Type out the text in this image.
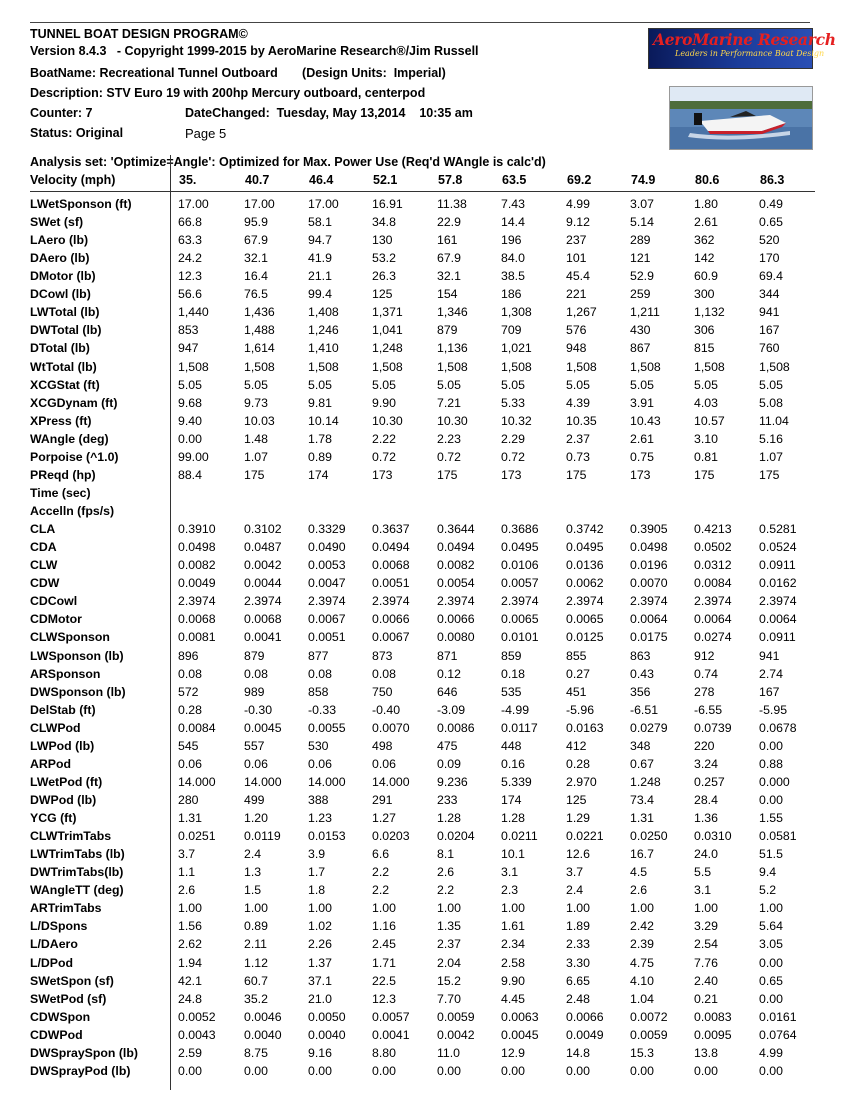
TUNNEL BOAT DESIGN PROGRAM©
Version 8.4.3   - Copyright 1999-2015 by AeroMarine Research®/Jim Russell
BoatName: Recreational Tunnel Outboard       (Design Units:  Imperial)
Description: STV Euro 19 with 200hp Mercury outboard, centerpod
Counter: 7	DateChanged:  Tuesday, May 13,2014    10:35 am
Status: Original	Page 5
AeroMarine Research
Leaders in Performance Boat Design
Analysis set: 'Optimize=Angle': Optimized for Max. Power Use (Req'd WAngle is calc'd)
Velocity (mph)	35.	40.7	46.4	52.1	57.8	63.5	69.2	74.9	80.6	86.3
LWetSponson (ft)	17.00	17.00	17.00	16.91	11.38	7.43	4.99	3.07	1.80	0.49
SWet (sf)	66.8	95.9	58.1	34.8	22.9	14.4	9.12	5.14	2.61	0.65
LAero (lb)	63.3	67.9	94.7	130	161	196	237	289	362	520
DAero (lb)	24.2	32.1	41.9	53.2	67.9	84.0	101	121	142	170
DMotor (lb)	12.3	16.4	21.1	26.3	32.1	38.5	45.4	52.9	60.9	69.4
DCowl (lb)	56.6	76.5	99.4	125	154	186	221	259	300	344
LWTotal (lb)	1,440	1,436	1,408	1,371	1,346	1,308	1,267	1,211	1,132	941
DWTotal (lb)	853	1,488	1,246	1,041	879	709	576	430	306	167
DTotal (lb)	947	1,614	1,410	1,248	1,136	1,021	948	867	815	760
WtTotal (lb)	1,508	1,508	1,508	1,508	1,508	1,508	1,508	1,508	1,508	1,508
XCGStat (ft)	5.05	5.05	5.05	5.05	5.05	5.05	5.05	5.05	5.05	5.05
XCGDynam (ft)	9.68	9.73	9.81	9.90	7.21	5.33	4.39	3.91	4.03	5.08
XPress (ft)	9.40	10.03	10.14	10.30	10.30	10.32	10.35	10.43	10.57	11.04
WAngle (deg)	0.00	1.48	1.78	2.22	2.23	2.29	2.37	2.61	3.10	5.16
Porpoise (^1.0)	99.00	1.07	0.89	0.72	0.72	0.72	0.73	0.75	0.81	1.07
PReqd (hp)	88.4	175	174	173	175	173	175	173	175	175
Time (sec)
Accelln (fps/s)
CLA	0.3910 0.3102 0.3329 0.3637 0.3644 0.3686 0.3742 0.3905 0.4213 0.5281
CDA	0.0498 0.0487 0.0490 0.0494 0.0494 0.0495 0.0495 0.0498 0.0502 0.0524
CLW	0.0082 0.0042 0.0053 0.0068 0.0082 0.0106 0.0136 0.0196 0.0312 0.0911
CDW	0.0049 0.0044 0.0047 0.0051 0.0054 0.0057 0.0062 0.0070 0.0084 0.0162
CDCowl	2.3974 2.3974 2.3974 2.3974 2.3974 2.3974 2.3974 2.3974 2.3974 2.3974
CDMotor	0.0068 0.0068 0.0067 0.0066 0.0066 0.0065 0.0065 0.0064 0.0064 0.0064
CLWSponson	0.0081 0.0041 0.0051 0.0067 0.0080 0.0101 0.0125 0.0175 0.0274 0.0911
LWSponson (lb)	896	879	877	873	871	859	855	863	912	941
ARSponson	0.08	0.08	0.08	0.08	0.12	0.18	0.27	0.43	0.74	2.74
DWSponson (lb)	572	989	858	750	646	535	451	356	278	167
DelStab (ft)	0.28	-0.30	-0.33	-0.40	-3.09	-4.99	-5.96	-6.51	-6.55	-5.95
CLWPod	0.0084 0.0045 0.0055 0.0070 0.0086 0.0117 0.0163 0.0279 0.0739 0.0678
LWPod (lb)	545	557	530	498	475	448	412	348	220	0.00
ARPod	0.06	0.06	0.06	0.06	0.09	0.16	0.28	0.67	3.24	0.88
LWetPod (ft)	14.000 14.000 14.000 14.000 9.236	5.339	2.970	1.248	0.257	0.000
DWPod (lb)	280	499	388	291	233	174	125	73.4	28.4	0.00
YCG (ft)	1.31	1.20	1.23	1.27	1.28	1.28	1.29	1.31	1.36	1.55
CLWTrimTabs	0.0251 0.0119 0.0153 0.0203 0.0204 0.0211 0.0221 0.0250 0.0310 0.0581
LWTrimTabs (lb)	3.7	2.4	3.9	6.6	8.1	10.1	12.6	16.7	24.0	51.5
DWTrimTabs(lb)	1.1	1.3	1.7	2.2	2.6	3.1	3.7	4.5	5.5	9.4
WAngleTT (deg)	2.6	1.5	1.8	2.2	2.2	2.3	2.4	2.6	3.1	5.2
ARTrimTabs	1.00	1.00	1.00	1.00	1.00	1.00	1.00	1.00	1.00	1.00
L/DSpons	1.56	0.89	1.02	1.16	1.35	1.61	1.89	2.42	3.29	5.64
L/DAero	2.62	2.11	2.26	2.45	2.37	2.34	2.33	2.39	2.54	3.05
L/DPod	1.94	1.12	1.37	1.71	2.04	2.58	3.30	4.75	7.76	0.00
SWetSpon (sf)	42.1	60.7	37.1	22.5	15.2	9.90	6.65	4.10	2.40	0.65
SWetPod (sf)	24.8	35.2	21.0	12.3	7.70	4.45	2.48	1.04	0.21	0.00
CDWSpon	0.0052 0.0046 0.0050 0.0057 0.0059 0.0063 0.0066 0.0072 0.0083 0.0161
CDWPod	0.0043 0.0040 0.0040 0.0041 0.0042 0.0045 0.0049 0.0059 0.0095 0.0764
DWSpraySpon (lb)	2.59	8.75	9.16	8.80	11.0	12.9	14.8	15.3	13.8	4.99
DWSprayPod (lb)	0.00	0.00	0.00	0.00	0.00	0.00	0.00	0.00	0.00	0.00
